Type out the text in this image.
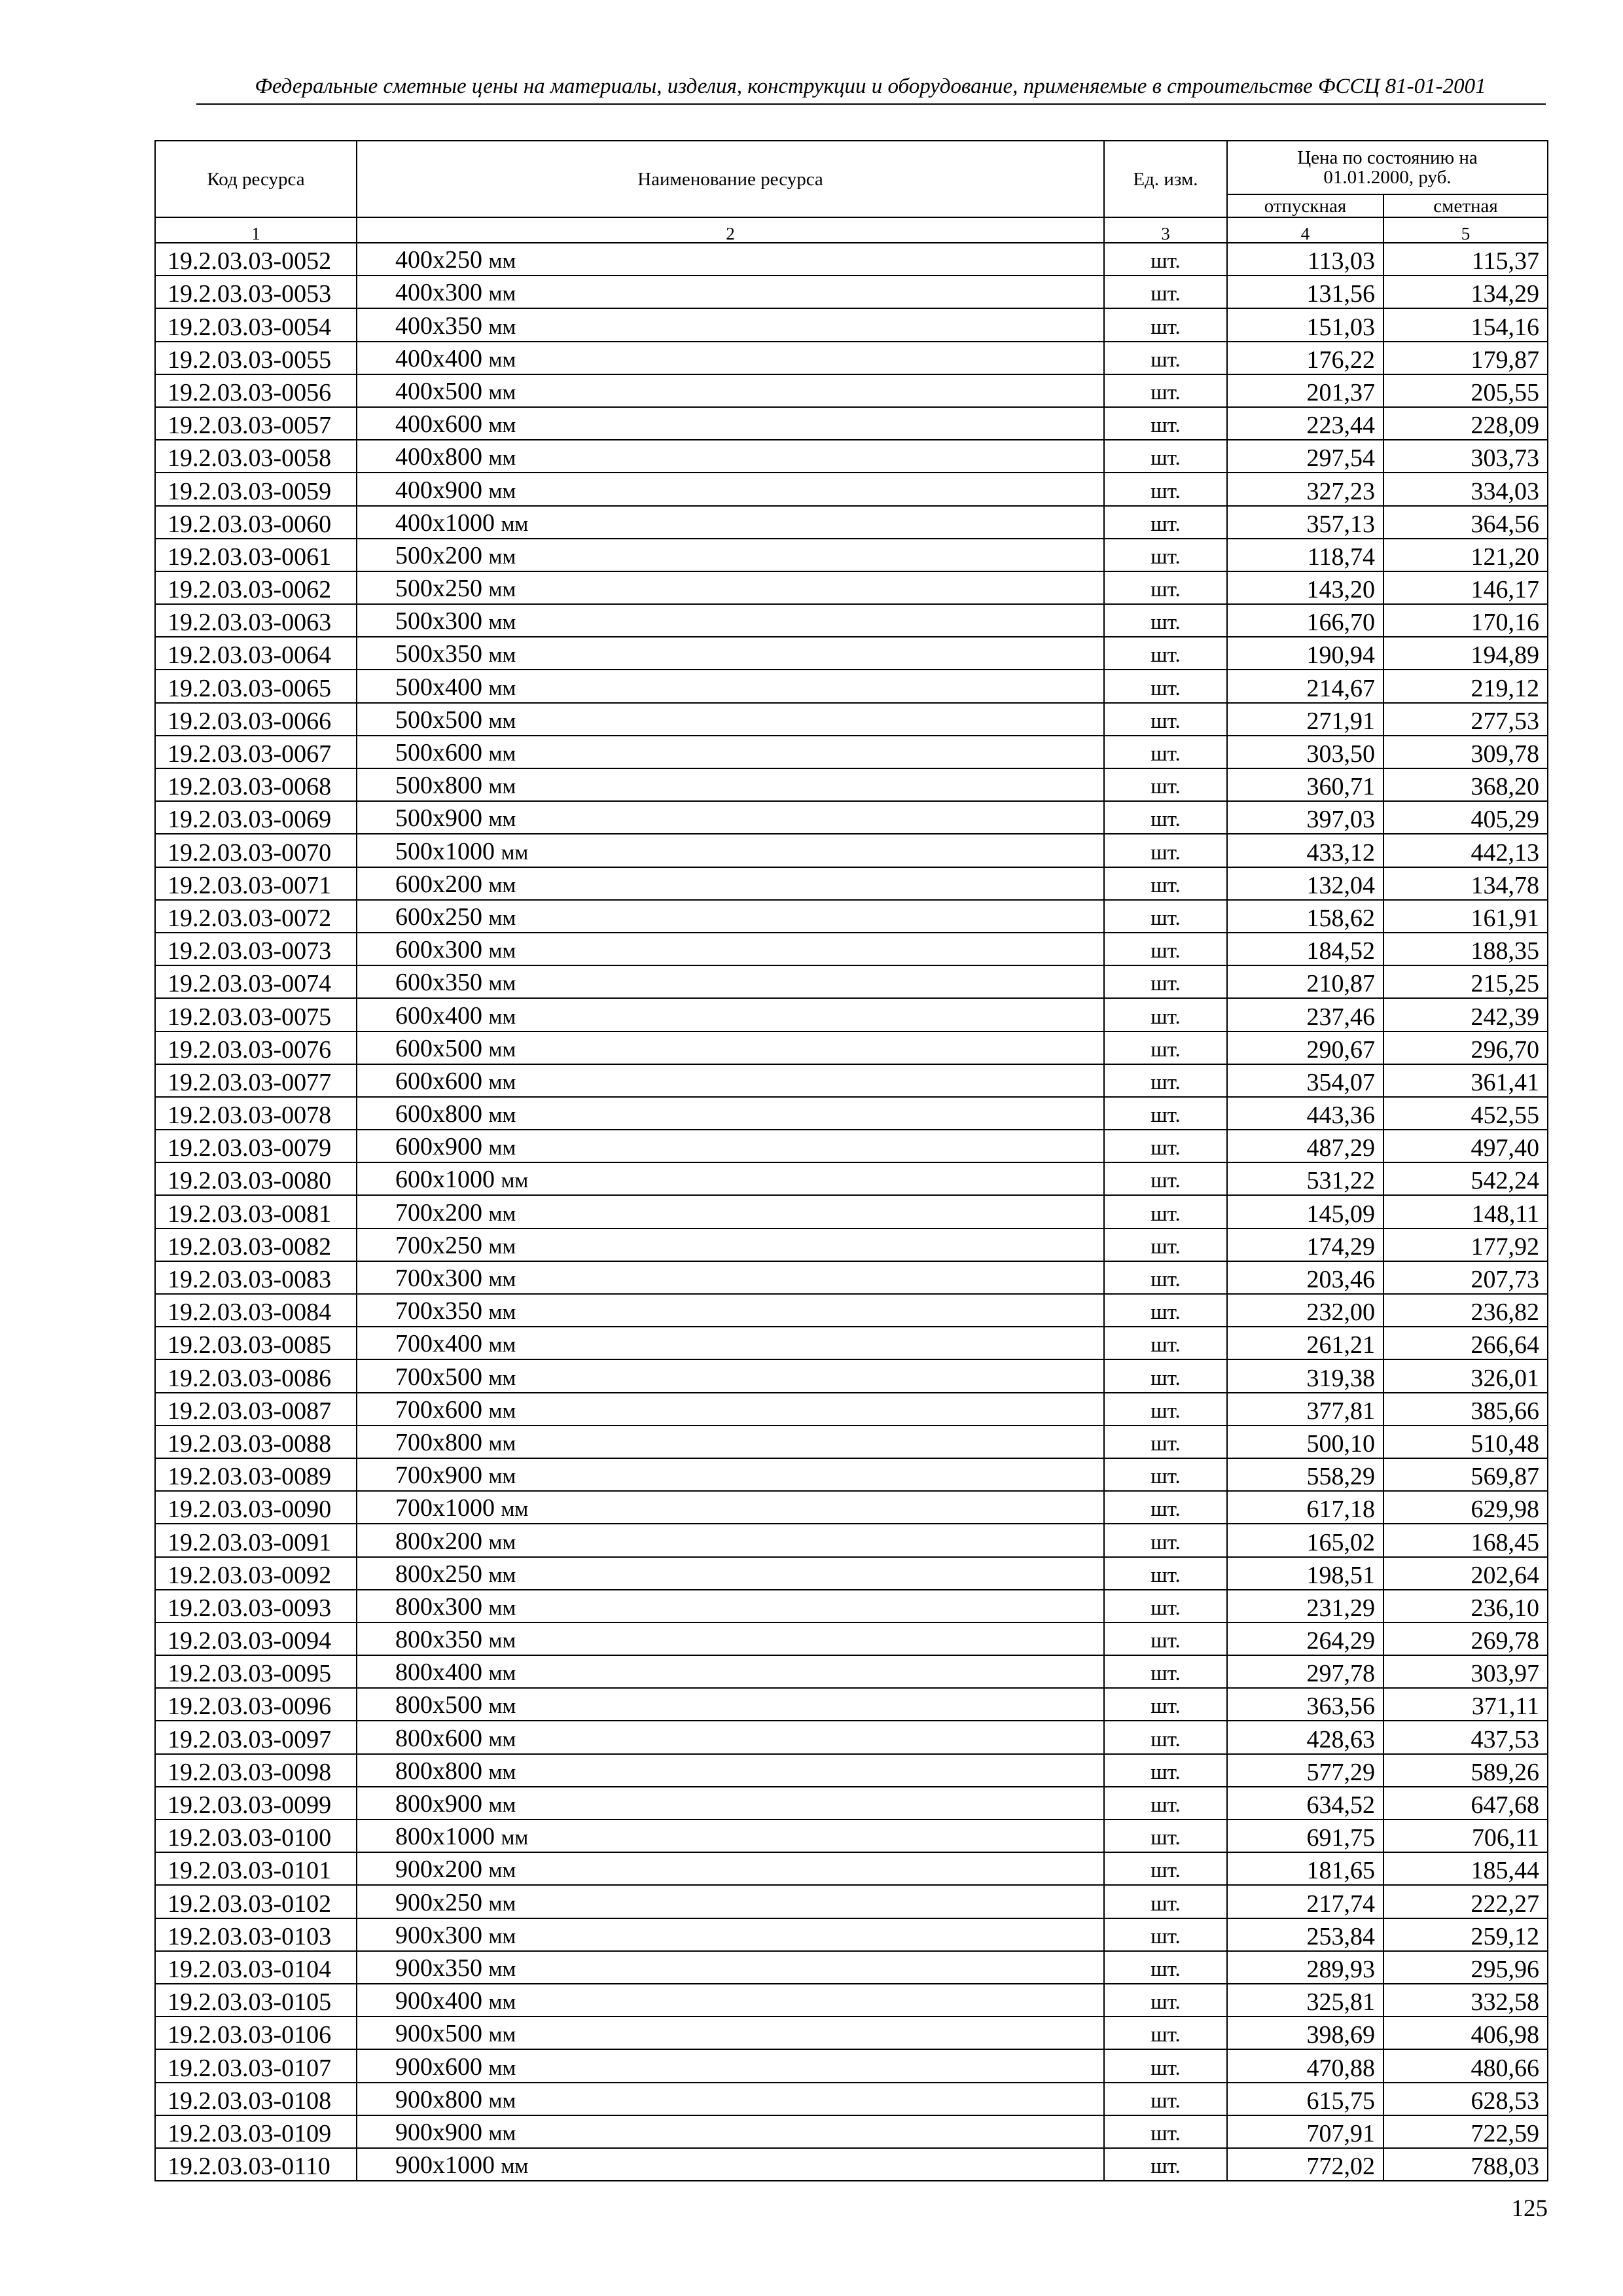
Федеральные сметные цены на материалы, изделия, конструкции и оборудование, применяемые в строительстве ФССЦ 81-01-2001
Код ресурса	Наименование ресурса	Ед. изм.	Цена по состоянию на 01.01.2000, руб.	
			отпускная	сметная
1	2	3	4	5
19.2.03.03-0052	400x250 мм	шт.	113,03	115,37
19.2.03.03-0053	400x300 мм	шт.	131,56	134,29
19.2.03.03-0054	400x350 мм	шт.	151,03	154,16
19.2.03.03-0055	400x400 мм	шт.	176,22	179,87
19.2.03.03-0056	400x500 мм	шт.	201,37	205,55
19.2.03.03-0057	400x600 мм	шт.	223,44	228,09
19.2.03.03-0058	400x800 мм	шт.	297,54	303,73
19.2.03.03-0059	400x900 мм	шт.	327,23	334,03
19.2.03.03-0060	400x1000 мм	шт.	357,13	364,56
19.2.03.03-0061	500x200 мм	шт.	118,74	121,20
19.2.03.03-0062	500x250 мм	шт.	143,20	146,17
19.2.03.03-0063	500x300 мм	шт.	166,70	170,16
19.2.03.03-0064	500x350 мм	шт.	190,94	194,89
19.2.03.03-0065	500x400 мм	шт.	214,67	219,12
19.2.03.03-0066	500x500 мм	шт.	271,91	277,53
19.2.03.03-0067	500x600 мм	шт.	303,50	309,78
19.2.03.03-0068	500x800 мм	шт.	360,71	368,20
19.2.03.03-0069	500x900 мм	шт.	397,03	405,29
19.2.03.03-0070	500x1000 мм	шт.	433,12	442,13
19.2.03.03-0071	600x200 мм	шт.	132,04	134,78
19.2.03.03-0072	600x250 мм	шт.	158,62	161,91
19.2.03.03-0073	600x300 мм	шт.	184,52	188,35
19.2.03.03-0074	600x350 мм	шт.	210,87	215,25
19.2.03.03-0075	600x400 мм	шт.	237,46	242,39
19.2.03.03-0076	600x500 мм	шт.	290,67	296,70
19.2.03.03-0077	600x600 мм	шт.	354,07	361,41
19.2.03.03-0078	600x800 мм	шт.	443,36	452,55
19.2.03.03-0079	600x900 мм	шт.	487,29	497,40
19.2.03.03-0080	600x1000 мм	шт.	531,22	542,24
19.2.03.03-0081	700x200 мм	шт.	145,09	148,11
19.2.03.03-0082	700x250 мм	шт.	174,29	177,92
19.2.03.03-0083	700x300 мм	шт.	203,46	207,73
19.2.03.03-0084	700x350 мм	шт.	232,00	236,82
19.2.03.03-0085	700x400 мм	шт.	261,21	266,64
19.2.03.03-0086	700x500 мм	шт.	319,38	326,01
19.2.03.03-0087	700x600 мм	шт.	377,81	385,66
19.2.03.03-0088	700x800 мм	шт.	500,10	510,48
19.2.03.03-0089	700x900 мм	шт.	558,29	569,87
19.2.03.03-0090	700x1000 мм	шт.	617,18	629,98
19.2.03.03-0091	800x200 мм	шт.	165,02	168,45
19.2.03.03-0092	800x250 мм	шт.	198,51	202,64
19.2.03.03-0093	800x300 мм	шт.	231,29	236,10
19.2.03.03-0094	800x350 мм	шт.	264,29	269,78
19.2.03.03-0095	800x400 мм	шт.	297,78	303,97
19.2.03.03-0096	800x500 мм	шт.	363,56	371,11
19.2.03.03-0097	800x600 мм	шт.	428,63	437,53
19.2.03.03-0098	800x800 мм	шт.	577,29	589,26
19.2.03.03-0099	800x900 мм	шт.	634,52	647,68
19.2.03.03-0100	800x1000 мм	шт.	691,75	706,11
19.2.03.03-0101	900x200 мм	шт.	181,65	185,44
19.2.03.03-0102	900x250 мм	шт.	217,74	222,27
19.2.03.03-0103	900x300 мм	шт.	253,84	259,12
19.2.03.03-0104	900x350 мм	шт.	289,93	295,96
19.2.03.03-0105	900x400 мм	шт.	325,81	332,58
19.2.03.03-0106	900x500 мм	шт.	398,69	406,98
19.2.03.03-0107	900x600 мм	шт.	470,88	480,66
19.2.03.03-0108	900x800 мм	шт.	615,75	628,53
19.2.03.03-0109	900x900 мм	шт.	707,91	722,59
19.2.03.03-0110	900x1000 мм	шт.	772,02	788,03
125
